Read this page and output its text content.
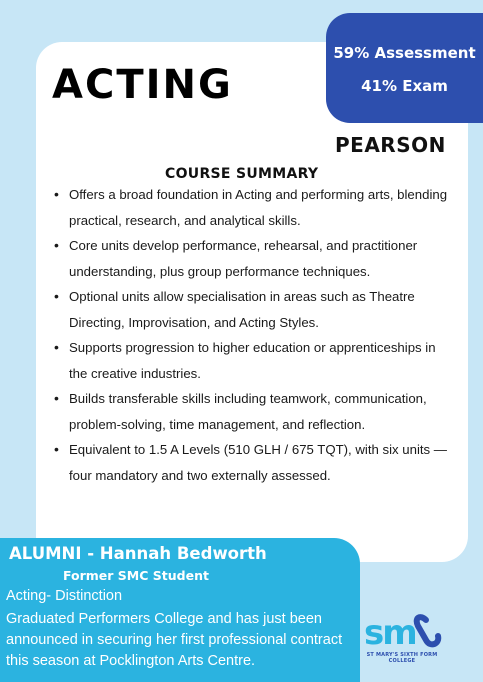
ACTING
59% Assessment
41% Exam
PEARSON
COURSE SUMMARY
• Offers a broad foundation in Acting and performing arts, blending practical, research, and analytical skills.
• Core units develop performance, rehearsal, and practitioner understanding, plus group performance techniques.
• Optional units allow specialisation in areas such as Theatre Directing, Improvisation, and Acting Styles.
• Supports progression to higher education or apprenticeships in the creative industries.
• Builds transferable skills including teamwork, communication, problem-solving, time management, and reflection.
• Equivalent to 1.5 A Levels (510 GLH / 675 TQT), with six units — four mandatory and two externally assessed.
ALUMNI - Hannah Bedworth
Former SMC Student
Acting- Distinction
Graduated Performers College and has just been announced in securing her first professional contract this season at Pocklington Arts Centre.
sm
ST MARY'S SIXTH FORM COLLEGE
